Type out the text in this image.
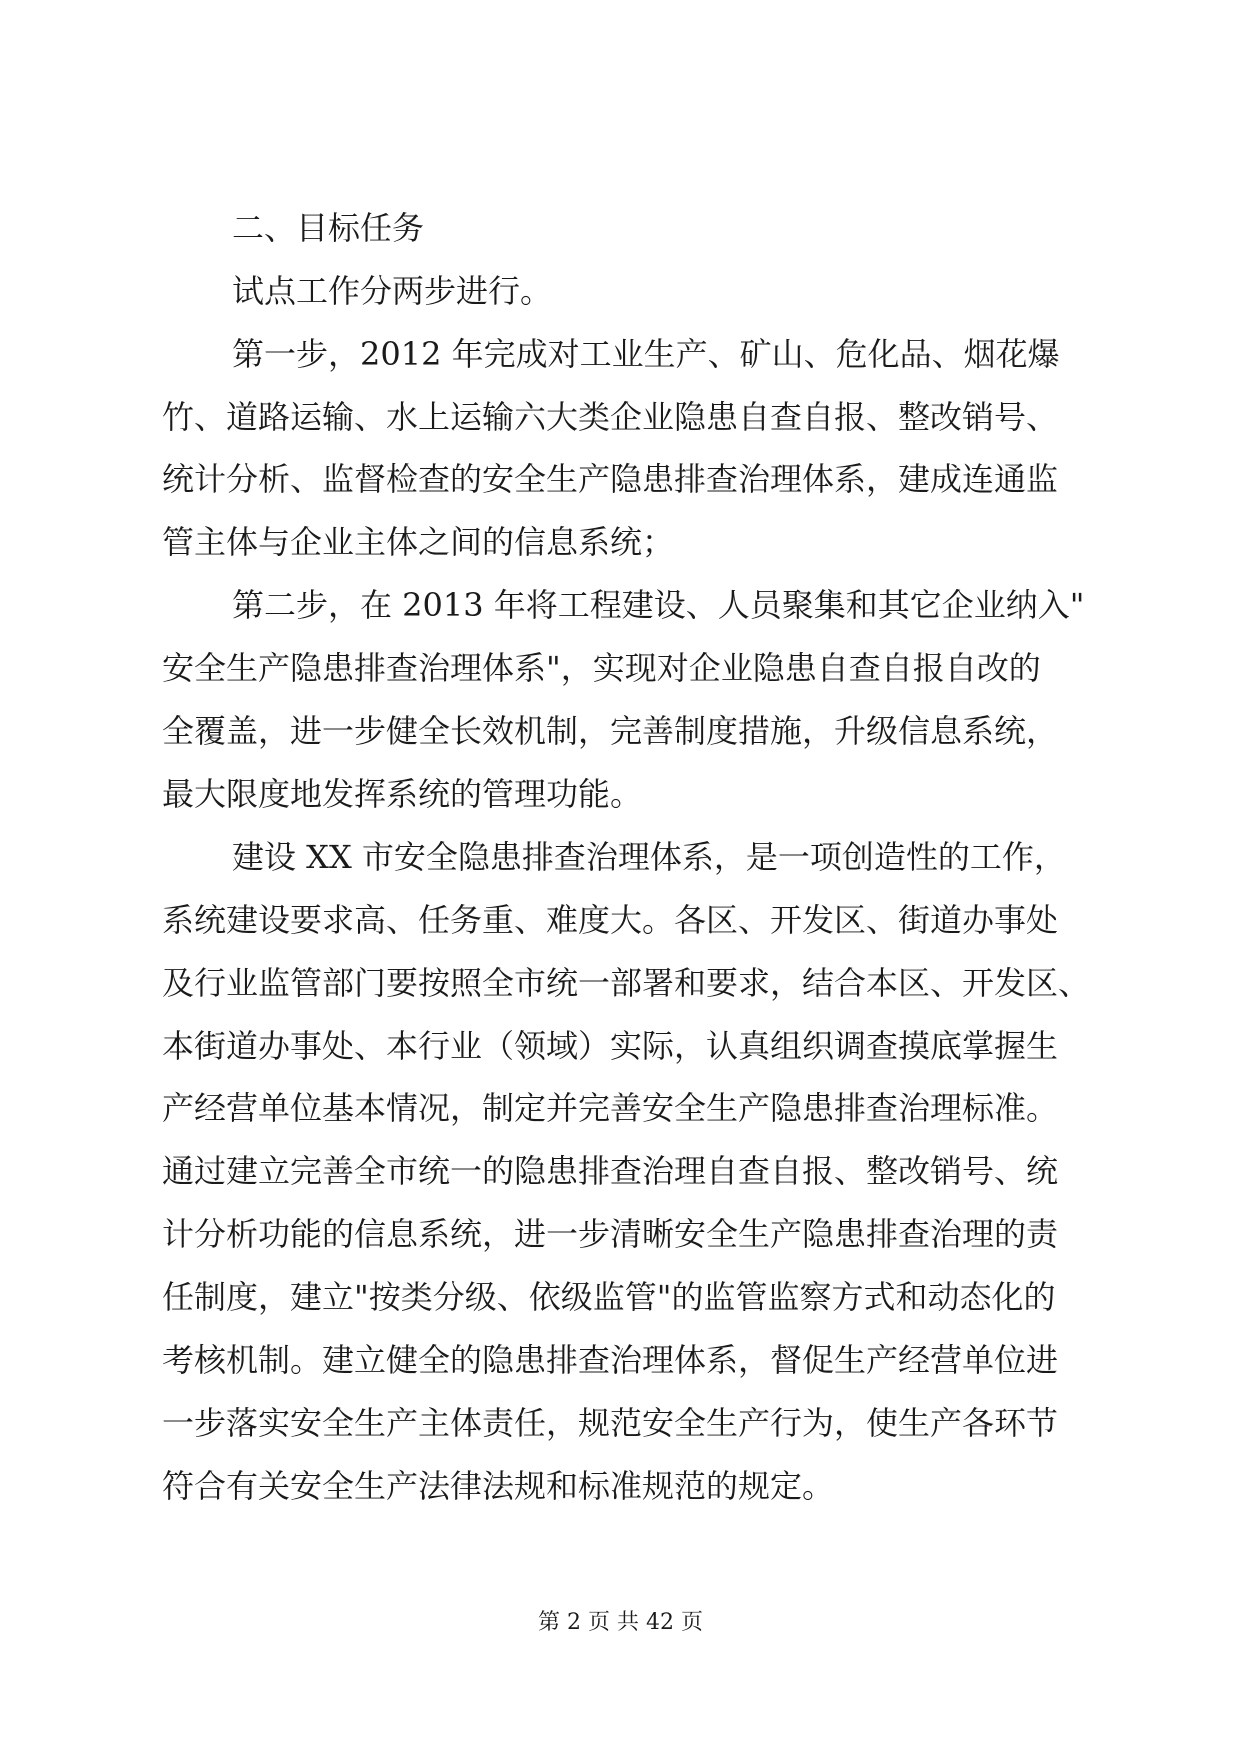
二、目标任务

试点工作分两步进行。

第一步，2012 年完成对工业生产、矿山、危化品、烟花爆

竹、道路运输、水上运输六大类企业隐患自查自报、整改销号、

统计分析、监督检查的安全生产隐患排查治理体系，建成连通监

管主体与企业主体之间的信息系统；

第二步，在 2013 年将工程建设、人员聚集和其它企业纳入"

安全生产隐患排查治理体系"，实现对企业隐患自查自报自改的

全覆盖，进一步健全长效机制，完善制度措施，升级信息系统，

最大限度地发挥系统的管理功能。

建设 XX 市安全隐患排查治理体系，是一项创造性的工作，

系统建设要求高、任务重、难度大。各区、开发区、街道办事处

及行业监管部门要按照全市统一部署和要求，结合本区、开发区、

本街道办事处、本行业（领域）实际，认真组织调查摸底掌握生

产经营单位基本情况，制定并完善安全生产隐患排查治理标准。

通过建立完善全市统一的隐患排查治理自查自报、整改销号、统

计分析功能的信息系统，进一步清晰安全生产隐患排查治理的责

任制度，建立"按类分级、依级监管"的监管监察方式和动态化的

考核机制。建立健全的隐患排查治理体系，督促生产经营单位进

一步落实安全生产主体责任，规范安全生产行为，使生产各环节

符合有关安全生产法律法规和标准规范的规定。

第 2 页 共 42 页
